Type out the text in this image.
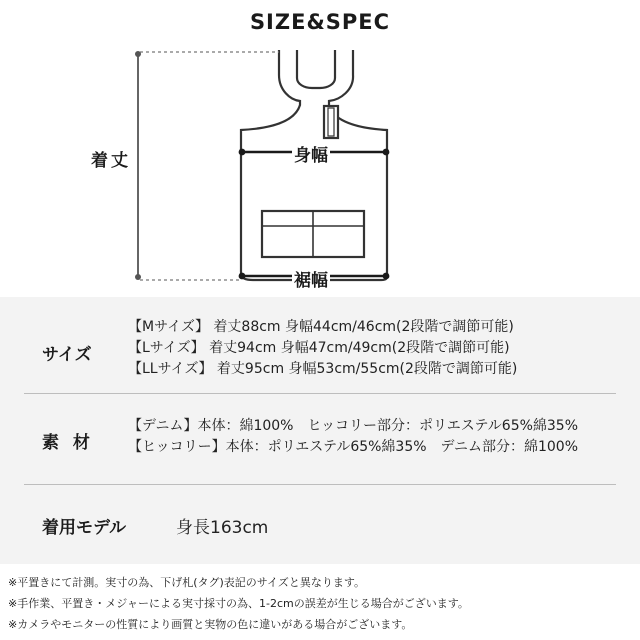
SIZE&SPEC
着丈	身幅
裾幅
サイズ
【Mサイズ】 着丈88cm 身幅44cm/46cm(2段階で調節可能)
【Lサイズ】 着丈94cm 身幅47cm/49cm(2段階で調節可能)
【LLサイズ】 着丈95cm 身幅53cm/55cm(2段階で調節可能)
素 材
【デニム】本体：綿100%　ヒッコリー部分：ポリエステル65%綿35%
【ヒッコリー】本体：ポリエステル65%綿35%　デニム部分：綿100%
着用モデル	身長163cm
※平置きにて計測。実寸の為、下げ札(タグ)表記のサイズと異なります。
※手作業、平置き・メジャーによる実寸採寸の為、1-2cmの誤差が生じる場合がございます。
※カメラやモニターの性質により画質と実物の色に違いがある場合がございます。
